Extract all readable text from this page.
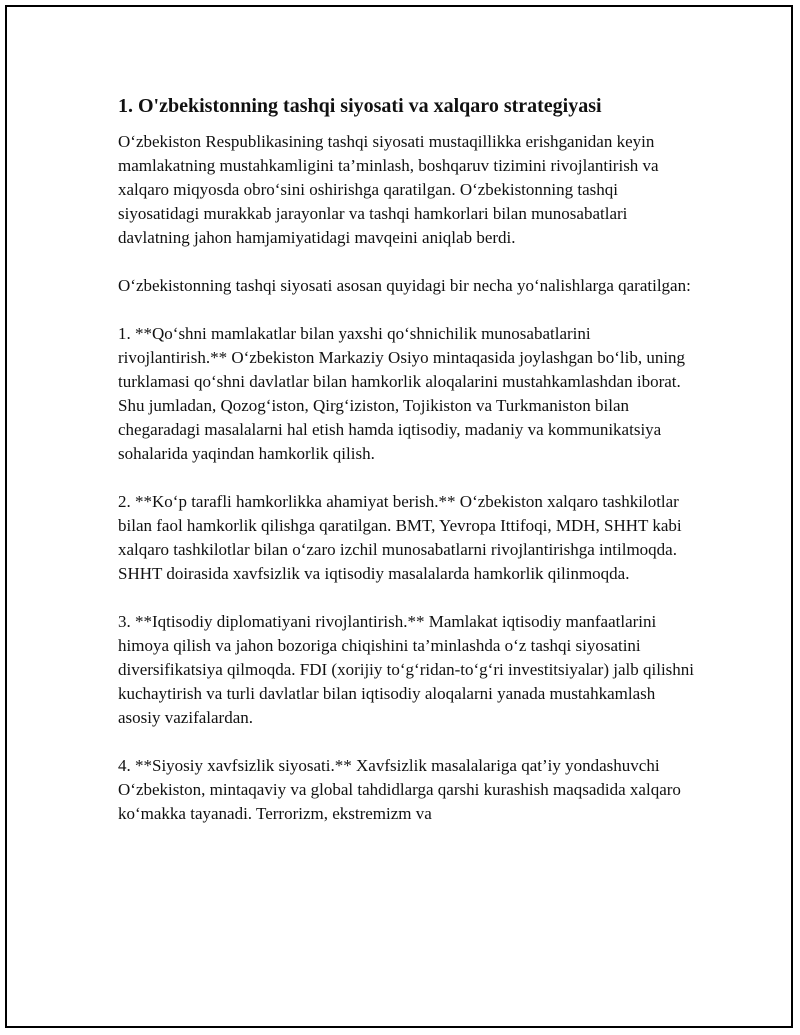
1. O'zbekistonning tashqi siyosati va xalqaro strategiyasi

O‘zbekiston Respublikasining tashqi siyosati mustaqillikka erishganidan keyin mamlakatning mustahkamligini ta’minlash, boshqaruv tizimini rivojlantirish va xalqaro miqyosda obro‘sini oshirishga qaratilgan. O‘zbekistonning tashqi siyosatidagi murakkab jarayonlar va tashqi hamkorlari bilan munosabatlari davlatning jahon hamjamiyatidagi mavqeini aniqlab berdi.

O‘zbekistonning tashqi siyosati asosan quyidagi bir necha yo‘nalishlarga qaratilgan:

1. **Qo‘shni mamlakatlar bilan yaxshi qo‘shnichilik munosabatlarini rivojlantirish.** O‘zbekiston Markaziy Osiyo mintaqasida joylashgan bo‘lib, uning turklamasi qo‘shni davlatlar bilan hamkorlik aloqalarini mustahkamlashdan iborat. Shu jumladan, Qozog‘iston, Qirg‘iziston, Tojikiston va Turkmaniston bilan chegaradagi masalalarni hal etish hamda iqtisodiy, madaniy va kommunikatsiya sohalarida yaqindan hamkorlik qilish.

2. **Ko‘p tarafli hamkorlikka ahamiyat berish.** O‘zbekiston xalqaro tashkilotlar bilan faol hamkorlik qilishga qaratilgan. BMT, Yevropa Ittifoqi, MDH, SHHT kabi xalqaro tashkilotlar bilan o‘zaro izchil munosabatlarni rivojlantirishga intilmoqda. SHHT doirasida xavfsizlik va iqtisodiy masalalarda hamkorlik qilinmoqda.

3. **Iqtisodiy diplomatiyani rivojlantirish.** Mamlakat iqtisodiy manfaatlarini himoya qilish va jahon bozoriga chiqishini ta’minlashda o‘z tashqi siyosatini diversifikatsiya qilmoqda. FDI (xorijiy to‘g‘ridan-to‘g‘ri investitsiyalar) jalb qilishni kuchaytirish va turli davlatlar bilan iqtisodiy aloqalarni yanada mustahkamlash asosiy vazifalardan.

4. **Siyosiy xavfsizlik siyosati.** Xavfsizlik masalalariga qat’iy yondashuvchi O‘zbekiston, mintaqaviy va global tahdidlarga qarshi kurashish maqsadida xalqaro ko‘makka tayanadi. Terrorizm, ekstremizm va
